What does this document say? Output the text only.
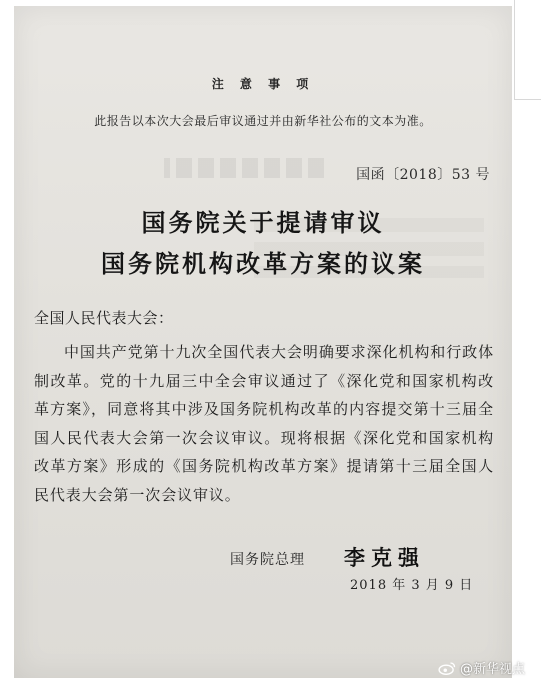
注 意 事 项
此报告以本次大会最后审议通过并由新华社公布的文本为准。
国函〔2018〕53 号
国务院关于提请审议
国务院机构改革方案的议案
全国人民代表大会：
中国共产党第十九次全国代表大会明确要求深化机构和行政体制改革。党的十九届三中全会审议通过了《深化党和国家机构改革方案》，同意将其中涉及国务院机构改革的内容提交第十三届全国人民代表大会第一次会议审议。现将根据《深化党和国家机构改革方案》形成的《国务院机构改革方案》提请第十三届全国人民代表大会第一次会议审议。
国务院总理 李克强
2018 年 3 月 9 日
@新华视点
